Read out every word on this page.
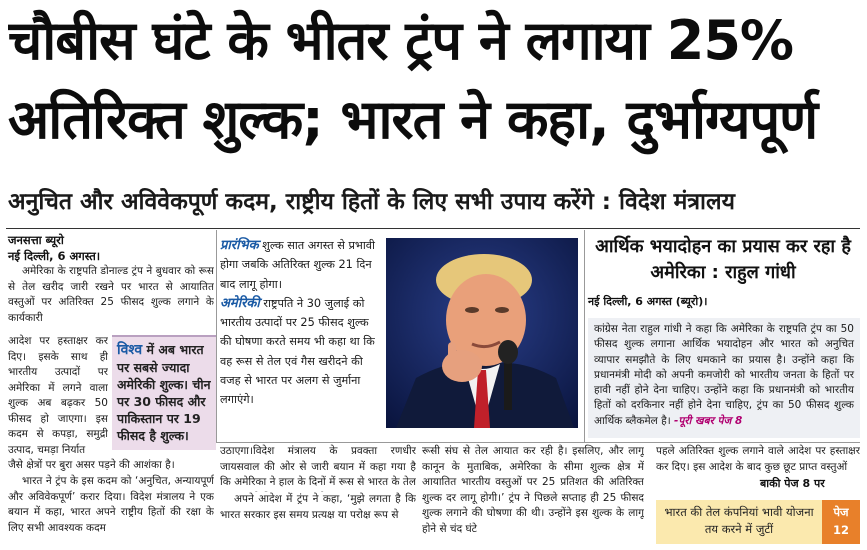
चौबीस घंटे के भीतर ट्रंप ने लगाया 25%
अतिरिक्त शुल्क; भारत ने कहा, दुर्भाग्यपूर्ण
अनुचित और अविवेकपूर्ण कदम, राष्ट्रीय हितों के लिए सभी उपाय करेंगे : विदेश मंत्रालय
जनसत्ता ब्यूरो
नई दिल्ली, 6 अगस्त।
अमेरिका के राष्ट्रपति डोनाल्ड ट्रंप ने बुधवार को रूस से तेल खरीद जारी रखने पर भारत से आयातित वस्तुओं पर अतिरिक्त 25 फीसद शुल्क लगाने के कार्यकारी
आदेश पर हस्ताक्षर कर दिए। इसके साथ ही भारतीय उत्पादों पर अमेरिका में लगने वाला शुल्क अब बढ़कर 50 फीसद हो जाएगा। इस कदम से कपड़ा, समुद्री उत्पाद, चमड़ा निर्यात
जैसे क्षेत्रों पर बुरा असर पड़ने की आशंका है।
भारत ने ट्रंप के इस कदम को ‘अनुचित, अन्यायपूर्ण और अविवेकपूर्ण’ करार दिया। विदेश मंत्रालय ने एक बयान में कहा, भारत अपने राष्ट्रीय हितों की रक्षा के लिए सभी आवश्यक कदम
विश्व में अब भारत पर सबसे ज्यादा अमेरिकी शुल्क। चीन पर 30 फीसद और पाकिस्तान पर 19 फीसद है शुल्क।
प्रारंभिक शुल्क सात अगस्त से प्रभावी होगा जबकि अतिरिक्त शुल्क 21 दिन बाद लागू होगा।
अमेरिकी राष्ट्रपति ने 30 जुलाई को भारतीय उत्पादों पर 25 फीसद शुल्क की घोषणा करते समय भी कहा था कि वह रूस से तेल एवं गैस खरीदने की वजह से भारत पर अलग से जुर्माना लगाएंगे।
आर्थिक भयादोहन का प्रयास कर रहा है अमेरिका : राहुल गांधी
नई दिल्ली, 6 अगस्त (ब्यूरो)।
कांग्रेस नेता राहुल गांधी ने कहा कि अमेरिका के राष्ट्रपति ट्रंप का 50 फीसद शुल्क लगाना आर्थिक भयादोहन और भारत को अनुचित व्यापार समझौते के लिए धमकाने का प्रयास है। उन्होंने कहा कि प्रधानमंत्री मोदी को अपनी कमजोरी को भारतीय जनता के हितों पर हावी नहीं होने देना चाहिए। उन्होंने कहा कि प्रधानमंत्री को भारतीय हितों को दरकिनार नहीं होने देना चाहिए, ट्रंप का 50 फीसद शुल्क आर्थिक ब्लैकमेल है। -पूरी खबर पेज 8
उठाएगा।विदेश मंत्रालय के प्रवक्ता रणधीर जायसवाल की ओर से जारी बयान में कहा गया है कि अमेरिका ने हाल के दिनों में रूस से भारत के तेल
अपने आदेश में ट्रंप ने कहा, ‘मुझे लगता है कि भारत सरकार इस समय प्रत्यक्ष या परोक्ष रूप से
रूसी संघ से तेल आयात कर रही है। इसलिए, और लागू कानून के मुताबिक, अमेरिका के सीमा शुल्क क्षेत्र में आयातित भारतीय वस्तुओं पर 25 प्रतिशत की अतिरिक्त शुल्क दर लागू होगी।’ ट्रंप ने पिछले सप्ताह ही 25 फीसद शुल्क लगाने की घोषणा की थी। उन्होंने इस शुल्क के लागू होने से चंद घंटे
पहले अतिरिक्त शुल्क लगाने वाले आदेश पर हस्ताक्षर कर दिए। इस आदेश के बाद कुछ छूट प्राप्त वस्तुओं
बाकी पेज 8 पर
भारत की तेल कंपनियां भावी योजना तय करने में जुटीं
पेज
12
